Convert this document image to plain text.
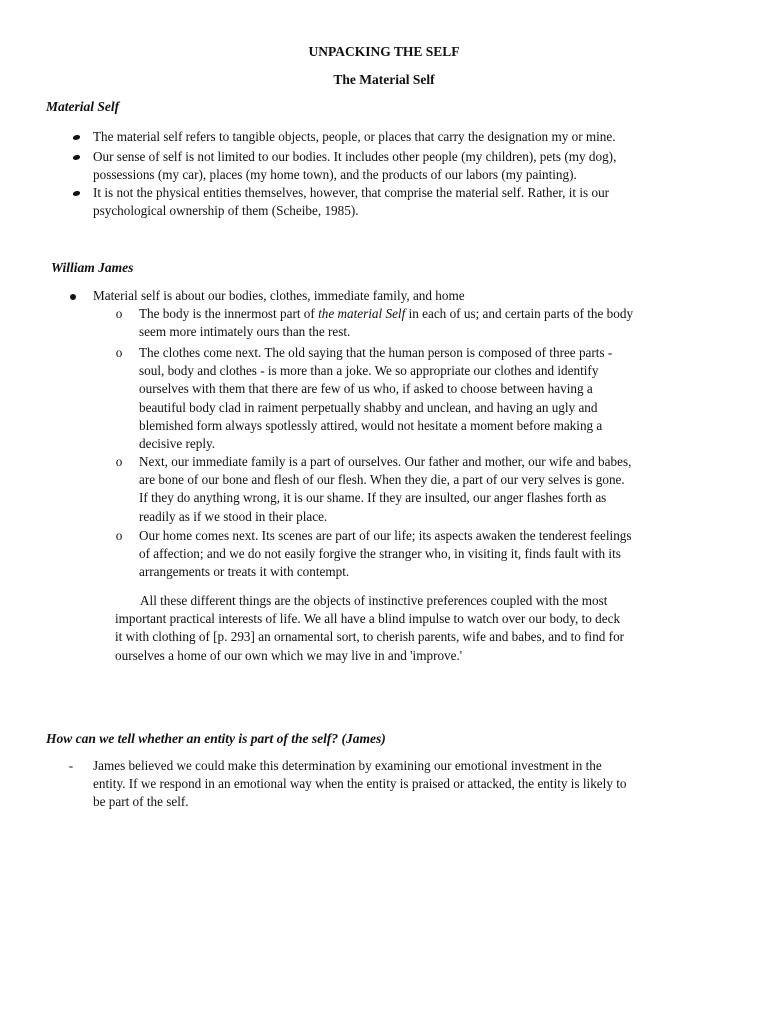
UNPACKING THE SELF
The Material Self
Material Self
The material self refers to tangible objects, people, or places that carry the designation my or mine.
Our sense of self is not limited to our bodies. It includes other people (my children), pets (my dog),
possessions (my car), places (my home town), and the products of our labors (my painting).
It is not the physical entities themselves, however, that comprise the material self. Rather, it is our
psychological ownership of them (Scheibe, 1985).
William James
Material self is about our bodies, clothes, immediate family, and home
o The body is the innermost part of the material Self in each of us; and certain parts of the body
seem more intimately ours than the rest.
o The clothes come next. The old saying that the human person is composed of three parts -
soul, body and clothes - is more than a joke. We so appropriate our clothes and identify
ourselves with them that there are few of us who, if asked to choose between having a
beautiful body clad in raiment perpetually shabby and unclean, and having an ugly and
blemished form always spotlessly attired, would not hesitate a moment before making a
decisive reply.
o Next, our immediate family is a part of ourselves. Our father and mother, our wife and babes,
are bone of our bone and flesh of our flesh. When they die, a part of our very selves is gone.
If they do anything wrong, it is our shame. If they are insulted, our anger flashes forth as
readily as if we stood in their place.
o Our home comes next. Its scenes are part of our life; its aspects awaken the tenderest feelings
of affection; and we do not easily forgive the stranger who, in visiting it, finds fault with its
arrangements or treats it with contempt.
All these different things are the objects of instinctive preferences coupled with the most
important practical interests of life. We all have a blind impulse to watch over our body, to deck
it with clothing of [p. 293] an ornamental sort, to cherish parents, wife and babes, and to find for
ourselves a home of our own which we may live in and 'improve.'
How can we tell whether an entity is part of the self? (James)
- James believed we could make this determination by examining our emotional investment in the
entity. If we respond in an emotional way when the entity is praised or attacked, the entity is likely to
be part of the self.
